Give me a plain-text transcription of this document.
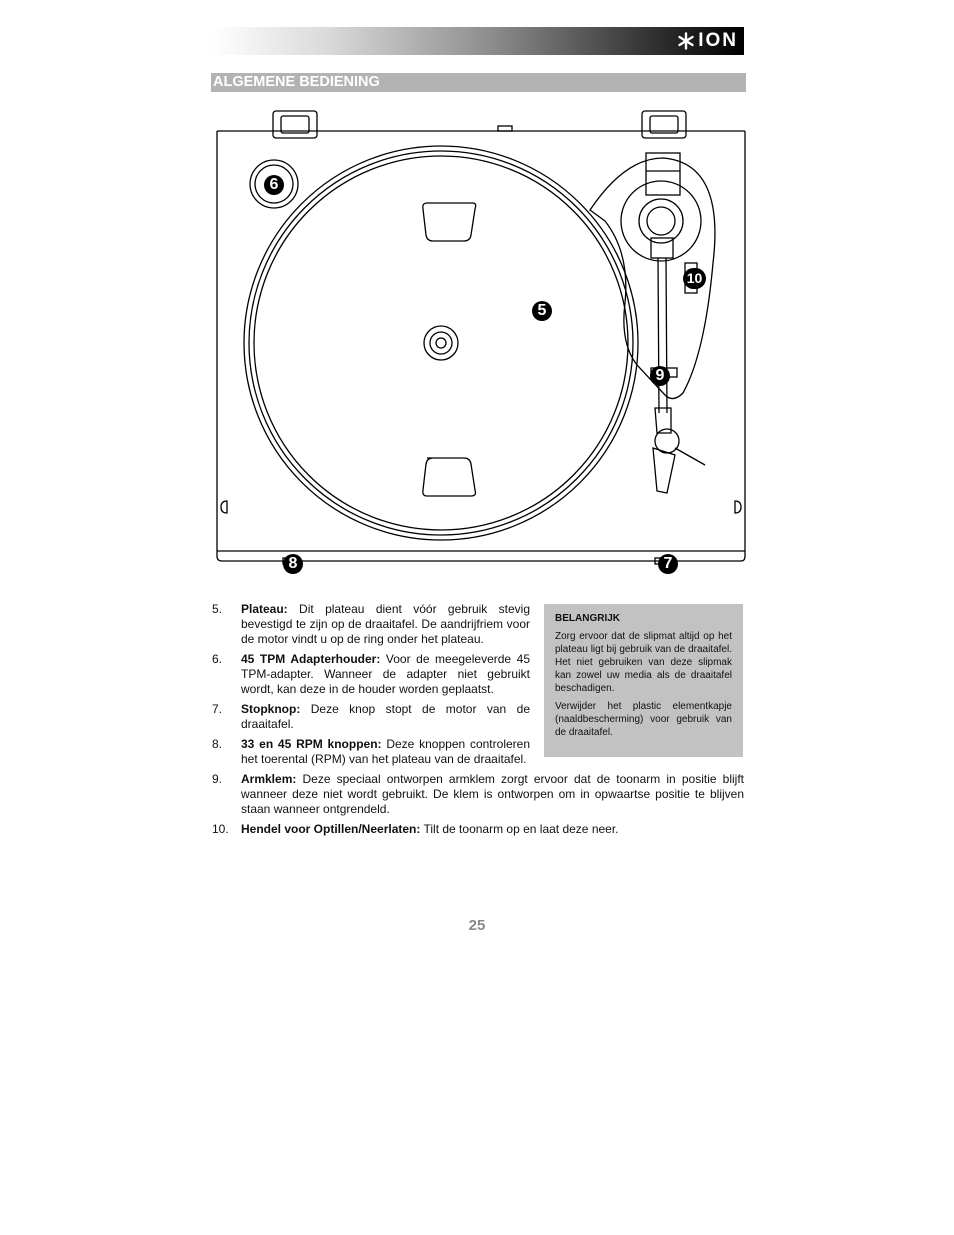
ION
ALGEMENE BEDIENING
5
6
7
8
9
10
5. Plateau: Dit plateau dient vóór gebruik stevig bevestigd te zijn op de draaitafel. De aandrijfriem voor de motor vindt u op de ring onder het plateau.
6. 45 TPM Adapterhouder: Voor de meegeleverde 45 TPM-adapter. Wanneer de adapter niet gebruikt wordt, kan deze in de houder worden geplaatst.
7. Stopknop: Deze knop stopt de motor van de draaitafel.
8. 33 en 45 RPM knoppen: Deze knoppen controleren het toerental (RPM) van het plateau van de draaitafel.
9. Armklem: Deze speciaal ontworpen armklem zorgt ervoor dat de toonarm in positie blijft wanneer deze niet wordt gebruikt. De klem is ontworpen om in opwaartse positie te blijven staan wanneer ontgrendeld.
10. Hendel voor Optillen/Neerlaten: Tilt de toonarm op en laat deze neer.
BELANGRIJK

Zorg ervoor dat de slipmat altijd op het plateau ligt bij gebruik van de draaitafel. Het niet gebruiken van deze slipmak kan zowel uw media als de draaitafel beschadigen.

Verwijder het plastic elementkapje (naaldbescherming) voor gebruik van de draaitafel.

25
